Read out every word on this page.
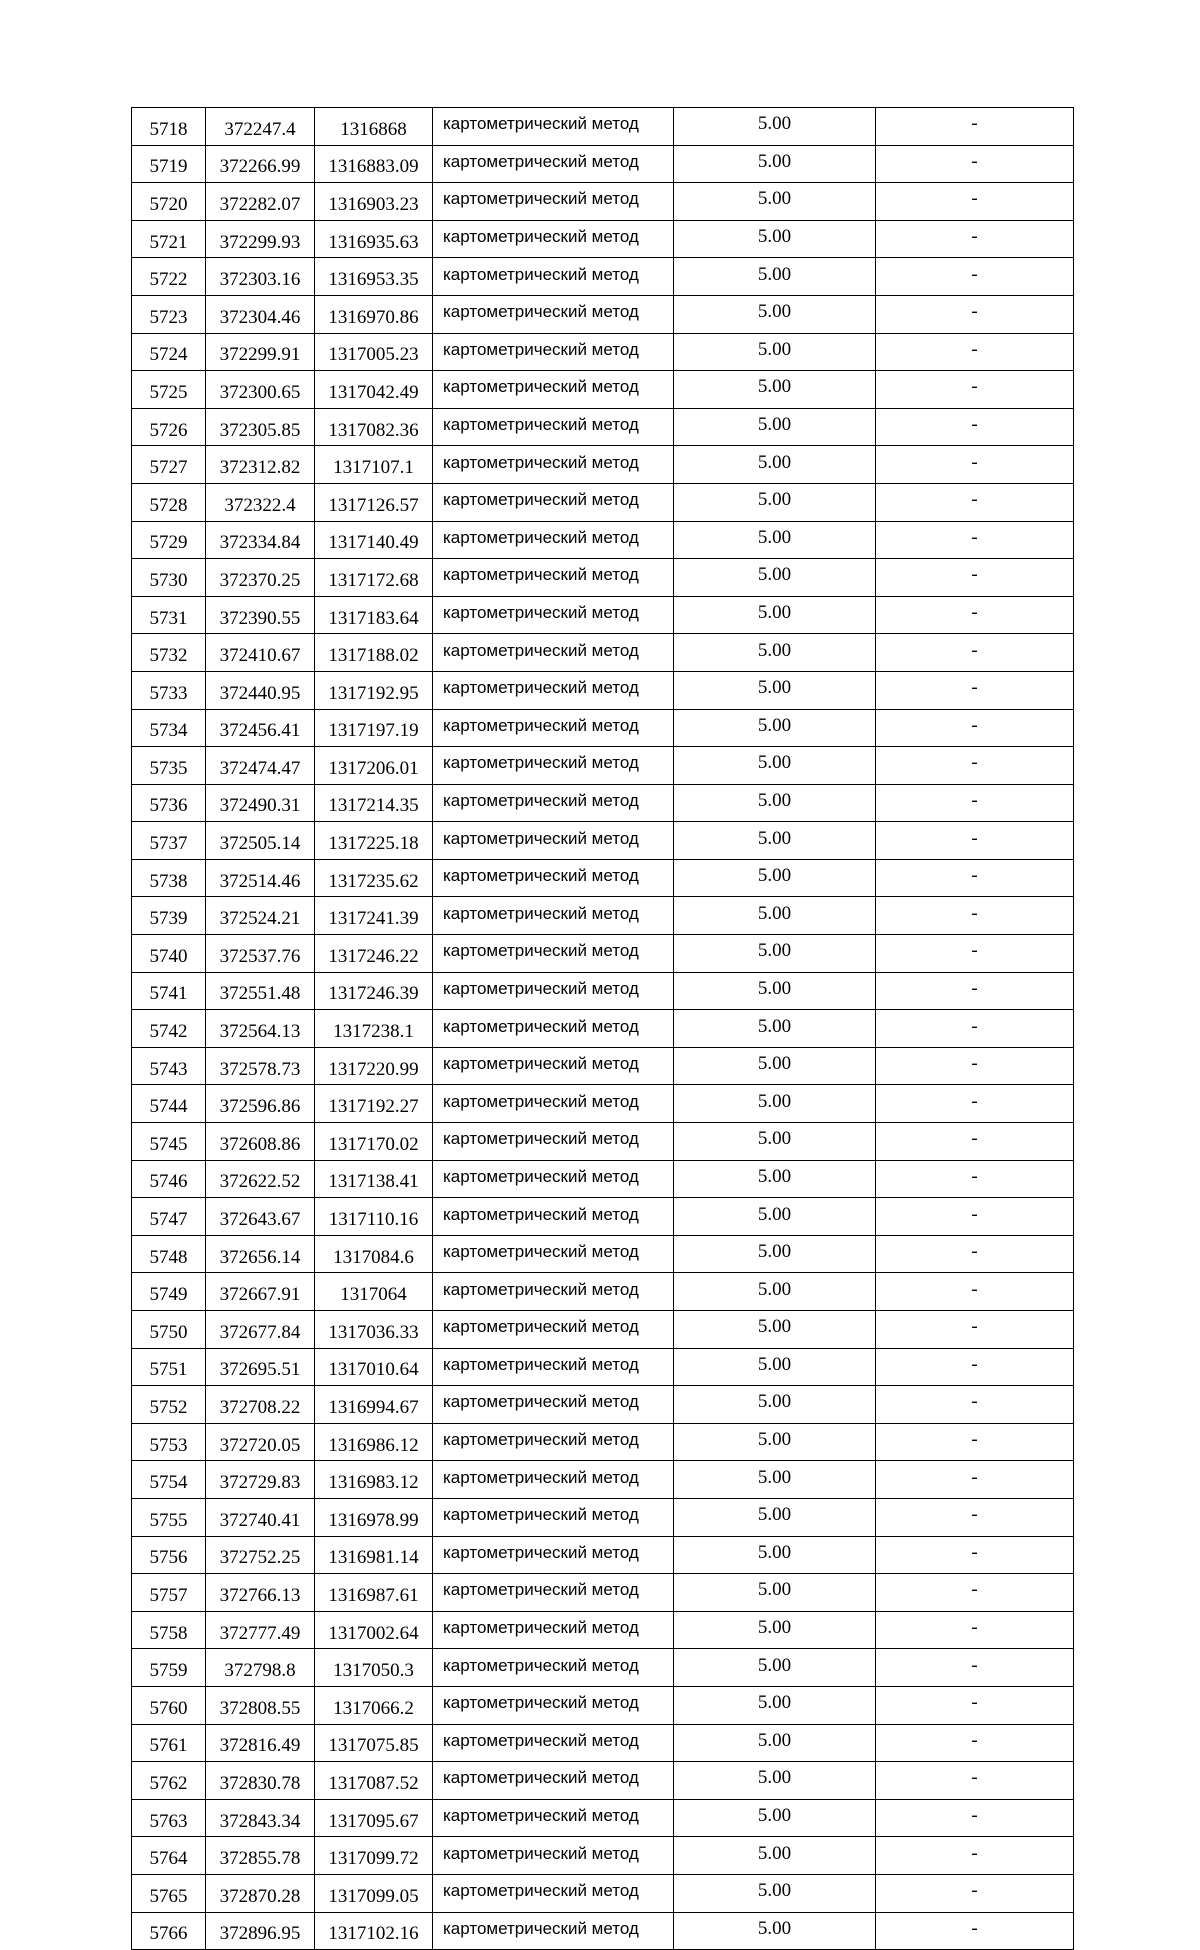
5718	372247.4	1316868	картометрический метод	5.00	-
5719	372266.99	1316883.09	картометрический метод	5.00	-
5720	372282.07	1316903.23	картометрический метод	5.00	-
5721	372299.93	1316935.63	картометрический метод	5.00	-
5722	372303.16	1316953.35	картометрический метод	5.00	-
5723	372304.46	1316970.86	картометрический метод	5.00	-
5724	372299.91	1317005.23	картометрический метод	5.00	-
5725	372300.65	1317042.49	картометрический метод	5.00	-
5726	372305.85	1317082.36	картометрический метод	5.00	-
5727	372312.82	1317107.1	картометрический метод	5.00	-
5728	372322.4	1317126.57	картометрический метод	5.00	-
5729	372334.84	1317140.49	картометрический метод	5.00	-
5730	372370.25	1317172.68	картометрический метод	5.00	-
5731	372390.55	1317183.64	картометрический метод	5.00	-
5732	372410.67	1317188.02	картометрический метод	5.00	-
5733	372440.95	1317192.95	картометрический метод	5.00	-
5734	372456.41	1317197.19	картометрический метод	5.00	-
5735	372474.47	1317206.01	картометрический метод	5.00	-
5736	372490.31	1317214.35	картометрический метод	5.00	-
5737	372505.14	1317225.18	картометрический метод	5.00	-
5738	372514.46	1317235.62	картометрический метод	5.00	-
5739	372524.21	1317241.39	картометрический метод	5.00	-
5740	372537.76	1317246.22	картометрический метод	5.00	-
5741	372551.48	1317246.39	картометрический метод	5.00	-
5742	372564.13	1317238.1	картометрический метод	5.00	-
5743	372578.73	1317220.99	картометрический метод	5.00	-
5744	372596.86	1317192.27	картометрический метод	5.00	-
5745	372608.86	1317170.02	картометрический метод	5.00	-
5746	372622.52	1317138.41	картометрический метод	5.00	-
5747	372643.67	1317110.16	картометрический метод	5.00	-
5748	372656.14	1317084.6	картометрический метод	5.00	-
5749	372667.91	1317064	картометрический метод	5.00	-
5750	372677.84	1317036.33	картометрический метод	5.00	-
5751	372695.51	1317010.64	картометрический метод	5.00	-
5752	372708.22	1316994.67	картометрический метод	5.00	-
5753	372720.05	1316986.12	картометрический метод	5.00	-
5754	372729.83	1316983.12	картометрический метод	5.00	-
5755	372740.41	1316978.99	картометрический метод	5.00	-
5756	372752.25	1316981.14	картометрический метод	5.00	-
5757	372766.13	1316987.61	картометрический метод	5.00	-
5758	372777.49	1317002.64	картометрический метод	5.00	-
5759	372798.8	1317050.3	картометрический метод	5.00	-
5760	372808.55	1317066.2	картометрический метод	5.00	-
5761	372816.49	1317075.85	картометрический метод	5.00	-
5762	372830.78	1317087.52	картометрический метод	5.00	-
5763	372843.34	1317095.67	картометрический метод	5.00	-
5764	372855.78	1317099.72	картометрический метод	5.00	-
5765	372870.28	1317099.05	картометрический метод	5.00	-
5766	372896.95	1317102.16	картометрический метод	5.00	-
